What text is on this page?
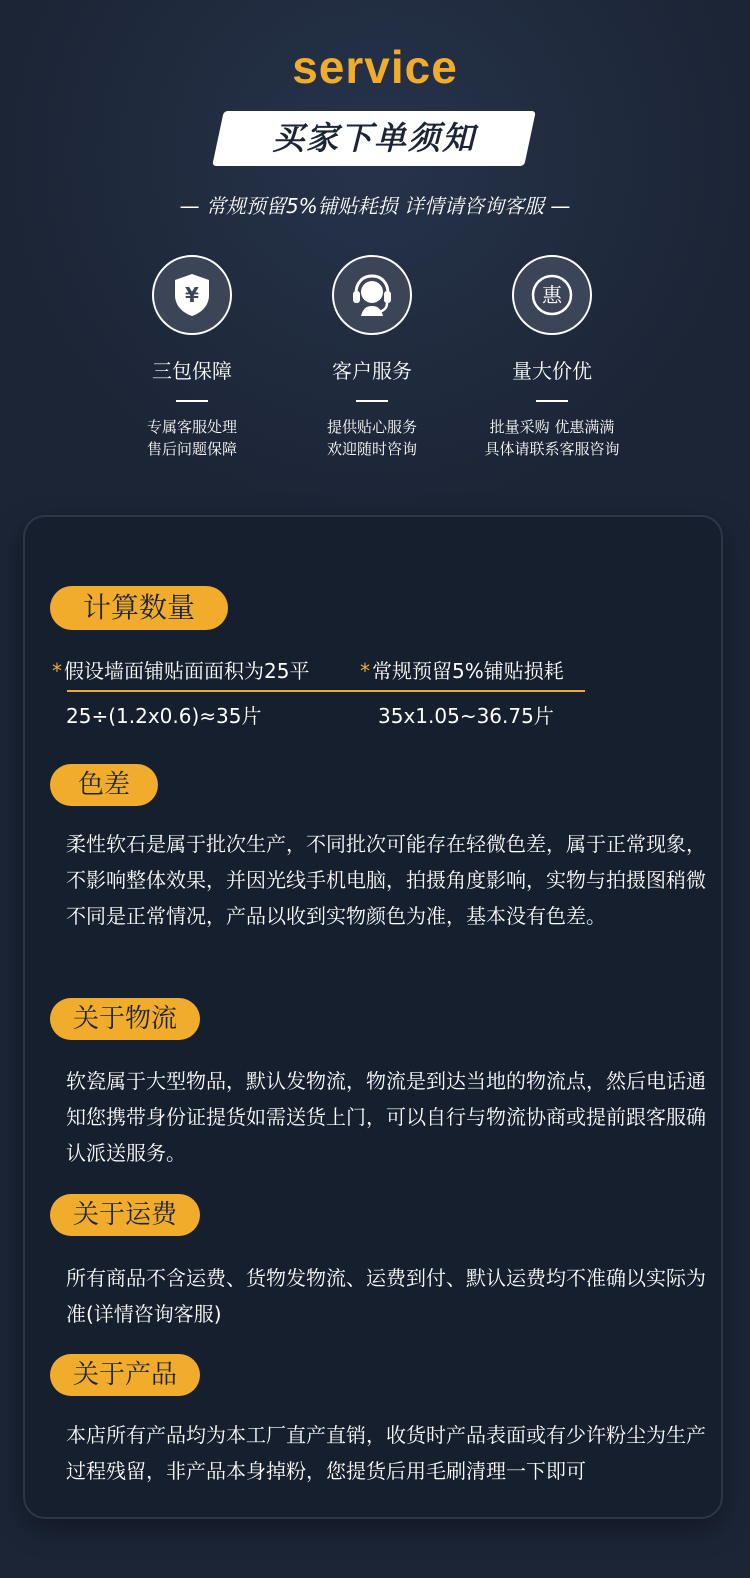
service
买家下单须知
— 常规预留5%铺贴耗损 详情请咨询客服 —
¥
三包保障
专属客服处理
售后问题保障
客户服务
提供贴心服务
欢迎随时咨询
惠
量大价优
批量采购 优惠满满
具体请联系客服咨询
计算数量
* 假设墙面铺贴面面积为25平	* 常规预留5%铺贴损耗
25÷(1.2x0.6)≈35片	35x1.05~36.75片
色差
柔性软石是属于批次生产，不同批次可能存在轻微色差，属于正常现象，不影响整体效果，并因光线手机电脑，拍摄角度影响，实物与拍摄图稍微不同是正常情况，产品以收到实物颜色为准，基本没有色差。
关于物流
软瓷属于大型物品，默认发物流，物流是到达当地的物流点，然后电话通知您携带身份证提货如需送货上门，可以自行与物流协商或提前跟客服确认派送服务。
关于运费
所有商品不含运费、货物发物流、运费到付、默认运费均不准确以实际为准(详情咨询客服)
关于产品
本店所有产品均为本工厂直产直销，收货时产品表面或有少许粉尘为生产过程残留，非产品本身掉粉，您提货后用毛刷清理一下即可
